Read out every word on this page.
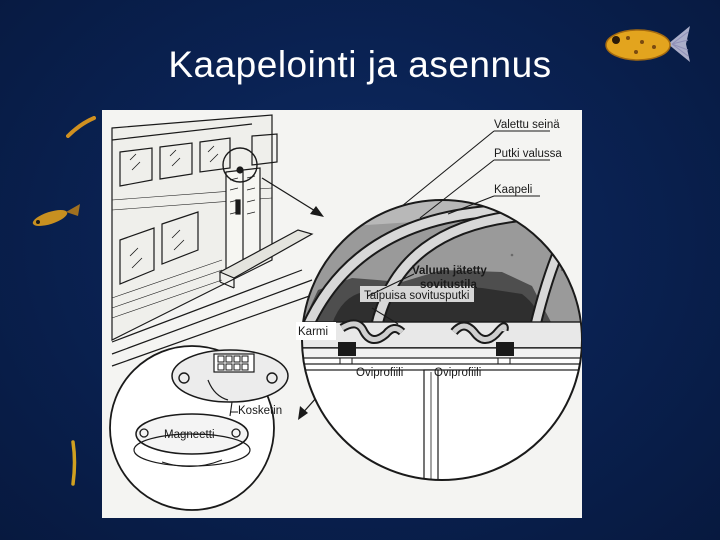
Kaapelointi ja asennus
Valettu seinä
Putki valussa
Kaapeli
Valuun jätetty
sovitustila
Taipuisa sovitusputki
Karmi
Oviprofiili	Oviprofiili
Kosketin
Magneetti
